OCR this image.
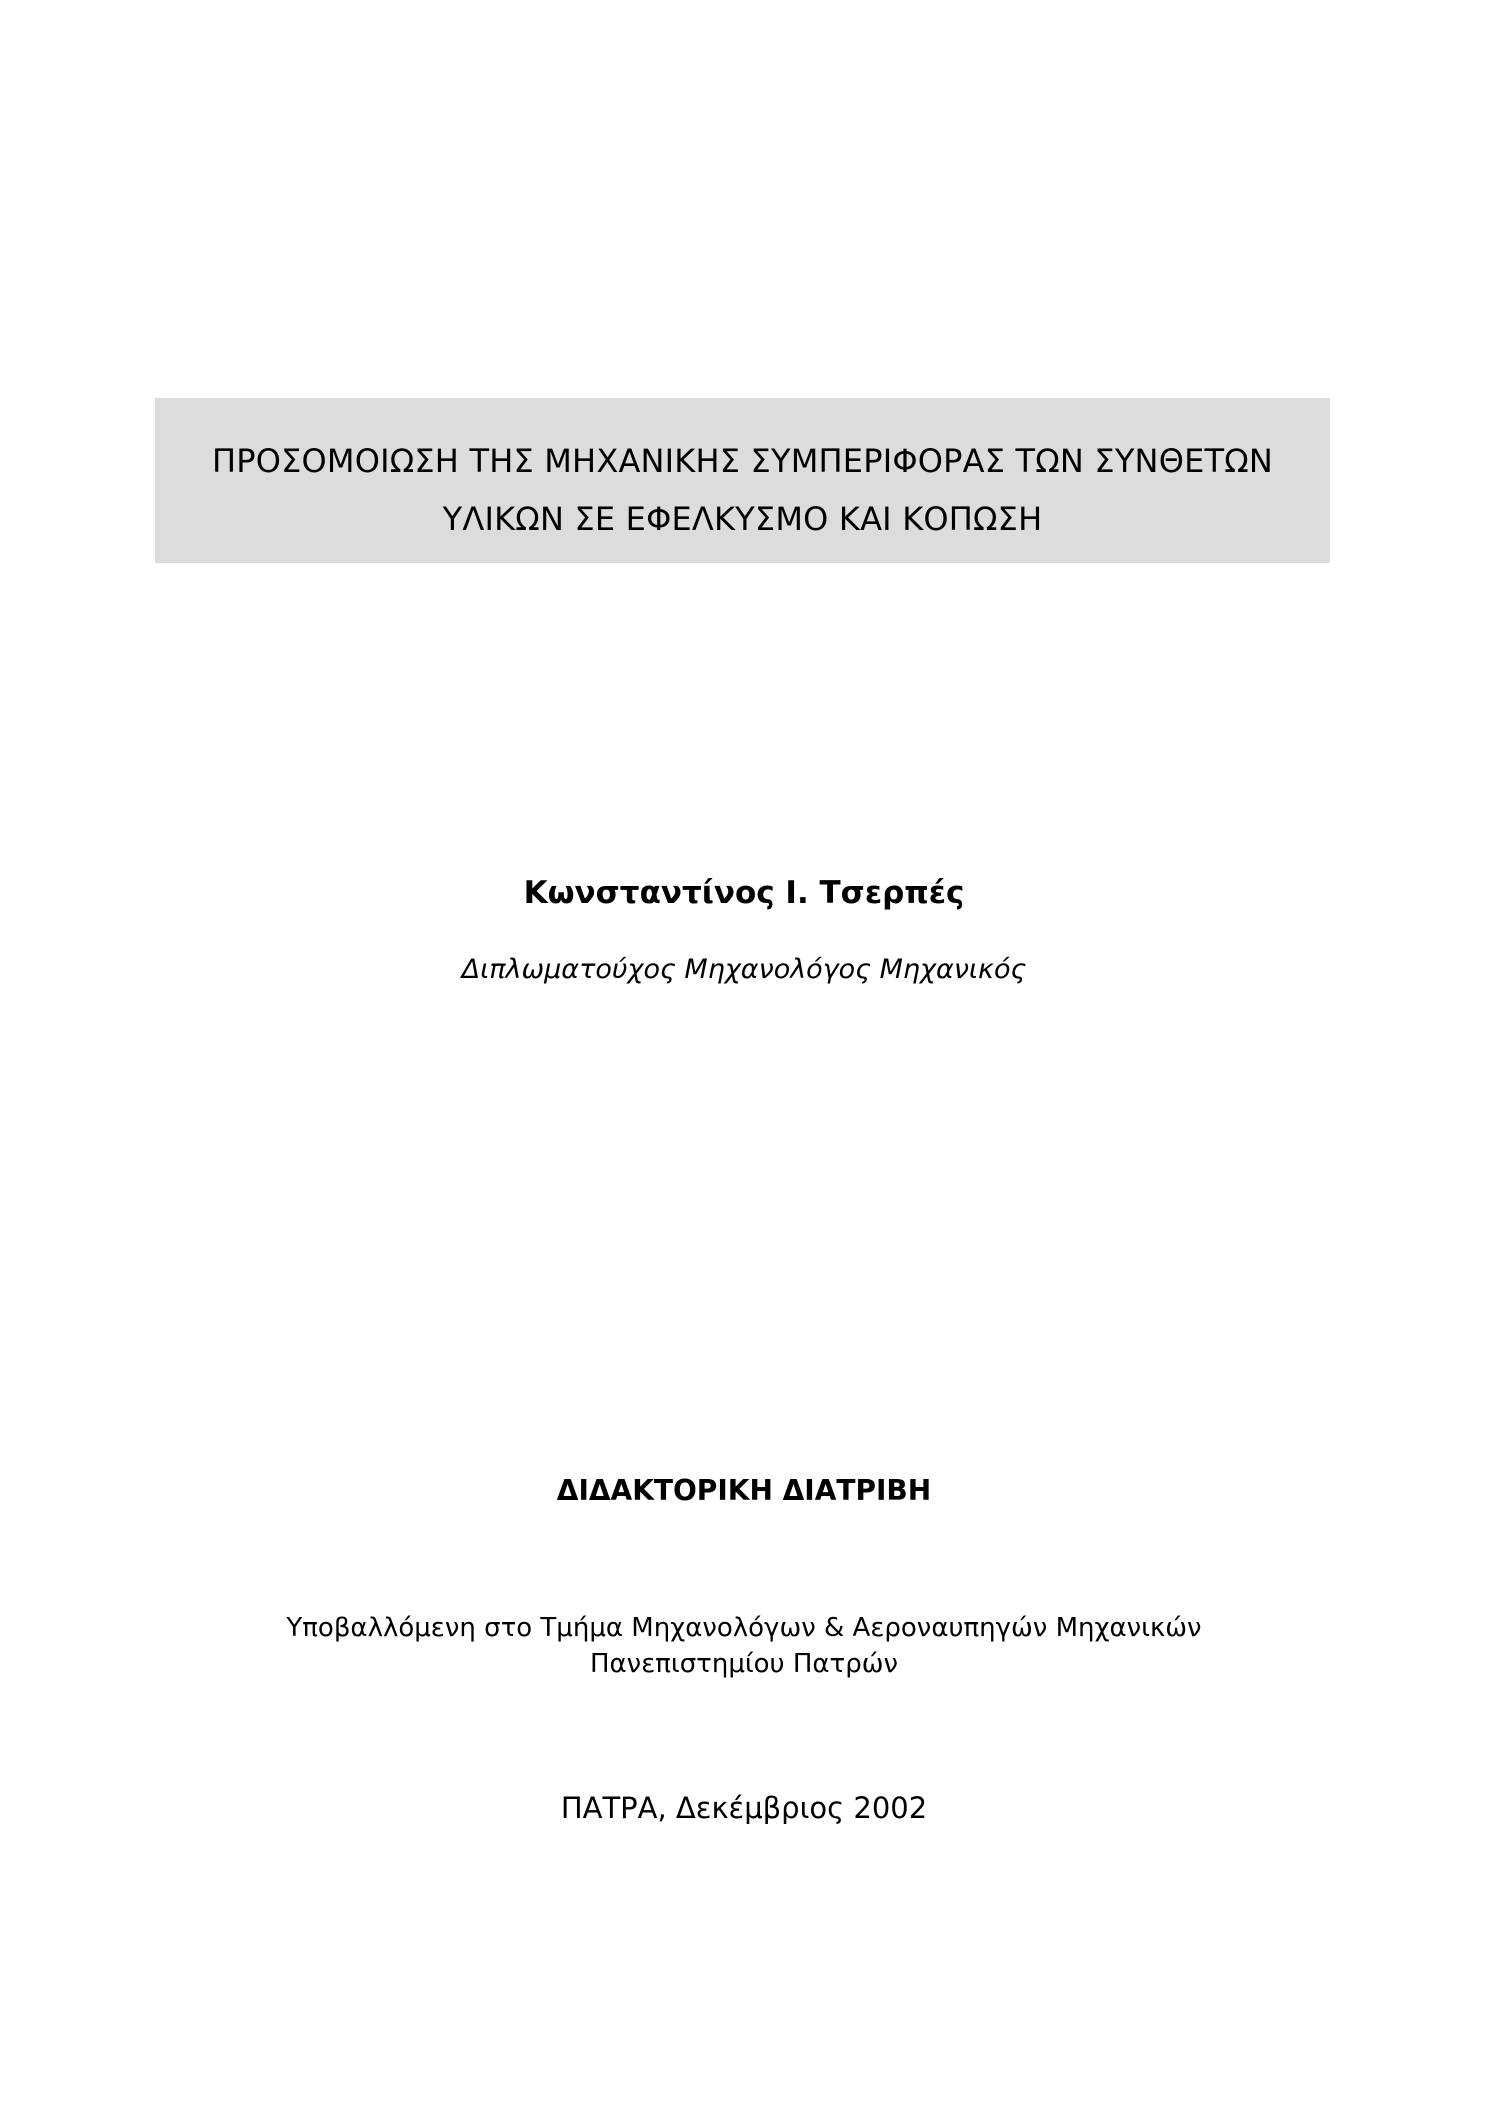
ΠΡΟΣΟΜΟΙΩΣΗ ΤΗΣ ΜΗΧΑΝΙΚΗΣ ΣΥΜΠΕΡΙΦΟΡΑΣ ΤΩΝ ΣΥΝΘΕΤΩΝ
ΥΛΙΚΩΝ ΣΕ ΕΦΕΛΚΥΣΜΟ ΚΑΙ ΚΟΠΩΣΗ
Κωνσταντίνος Ι. Τσερπές
Διπλωματούχος Μηχανολόγος Μηχανικός
ΔΙΔΑΚΤΟΡΙΚΗ ΔΙΑΤΡΙΒΗ
Υποβαλλόμενη στο Τμήμα Μηχανολόγων & Αεροναυπηγών Μηχανικών
Πανεπιστημίου Πατρών
ΠΑΤΡΑ, Δεκέμβριος 2002
